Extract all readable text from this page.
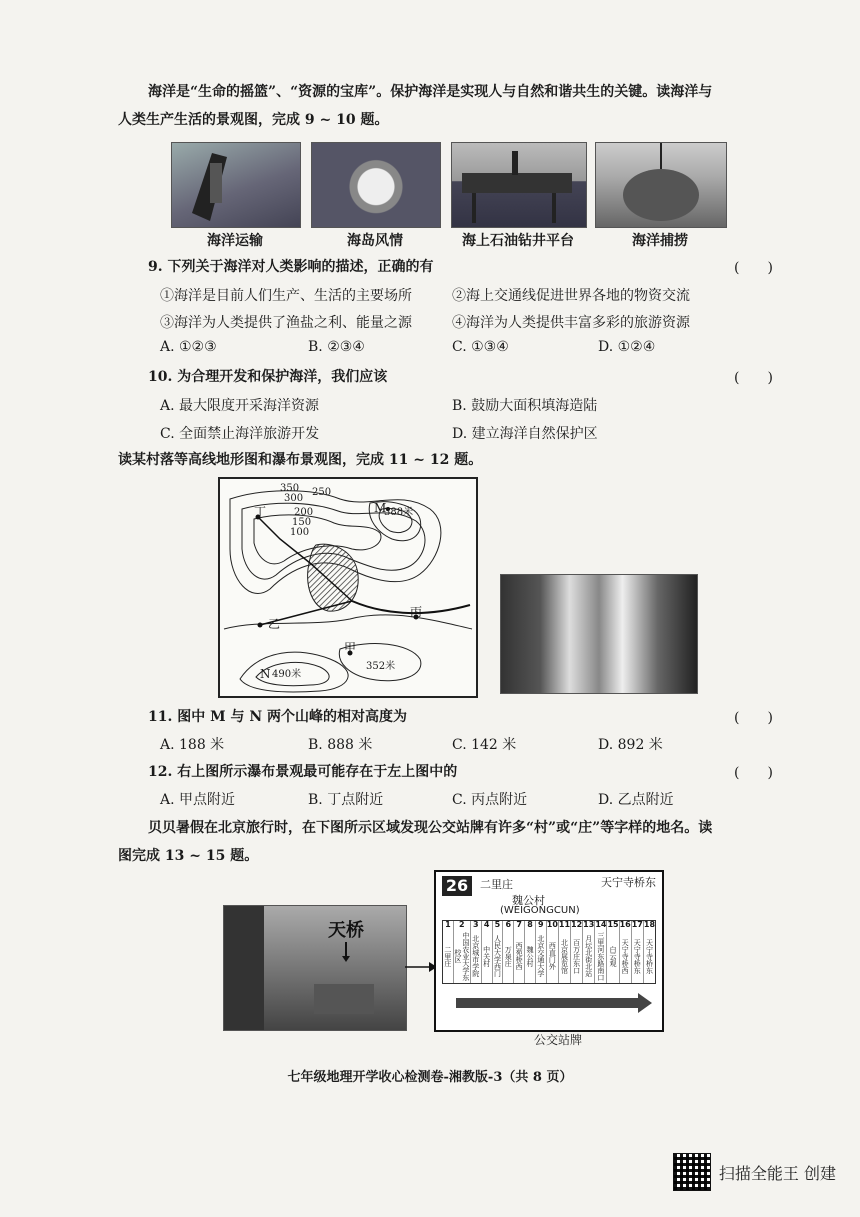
海洋是“生命的摇篮”、“资源的宝库”。保护海洋是实现人与自然和谐共生的关键。读海洋与
人类生产生活的景观图，完成 9 ~ 10 题。
海洋运输	海岛风情	海上石油钻井平台	海洋捕捞
9. 下列关于海洋对人类影响的描述，正确的有	(　　)
①海洋是目前人们生产、生活的主要场所	②海上交通线促进世界各地的物资交流
③海洋为人类提供了渔盐之利、能量之源	④海洋为人类提供丰富多彩的旅游资源
A. ①②③	B. ②③④	C. ①③④	D. ①②④
10. 为合理开发和保护海洋，我们应该	(　　)
A. 最大限度开采海洋资源	B. 鼓励大面积填海造陆
C. 全面禁止海洋旅游开发	D. 建立海洋自然保护区
读某村落等高线地形图和瀑布景观图，完成 11 ~ 12 题。
350
300
250
200
150
100
M
388米
丁
乙
丙
甲
N 490米
352米
11. 图中 M 与 N 两个山峰的相对高度为	(　　)
A. 188 米	B. 888 米	C. 142 米	D. 892 米
12. 右上图所示瀑布景观最可能存在于左上图中的	(　　)
A. 甲点附近	B. 丁点附近	C. 丙点附近	D. 乙点附近
贝贝暑假在北京旅行时，在下图所示区域发现公交站牌有许多“村”或“庄”等字样的地名。读
图完成 13 ~ 15 题。
天桥
26	二里庄	天宁寺桥东
魏公村
(WEIGONGCUN)
1
二里庄
2
中国农业大学东校区
3
北京城市学院
4
中关村
5
人民大学西门
6
万泉庄
7
西苑桥西
8
魏公村
9
北京交通大学
10
西直门外
11
北京展览馆
12
百万庄东口
13
月坛北街北站
14
三里河东路南口
15
白云观
16
天宁寺桥西
17
天宁寺桥东
18
天宁寺桥东
公交站牌
七年级地理开学收心检测卷-湘教版-3（共 8 页）
扫描全能王 创建
